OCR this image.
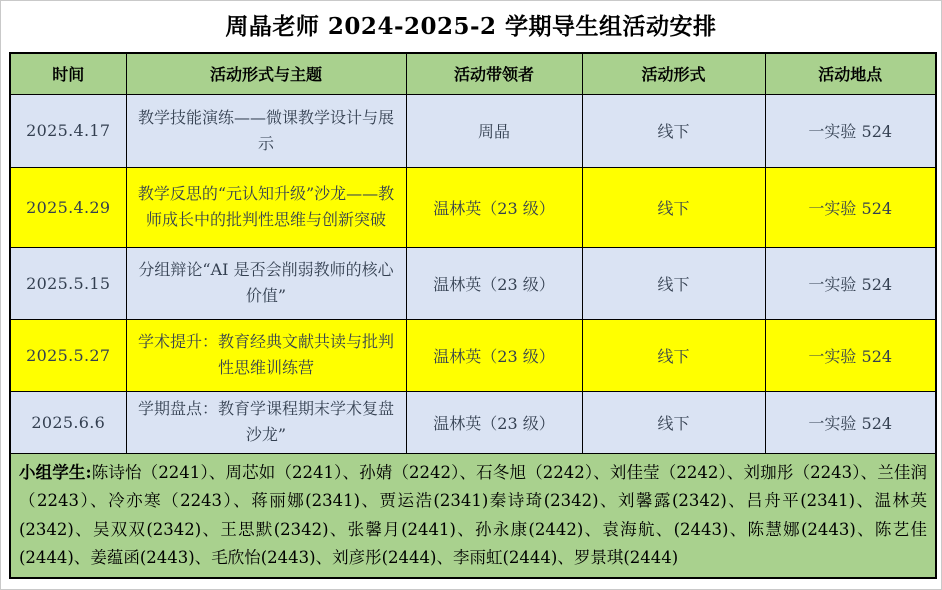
周晶老师 2024-2025-2 学期导生组活动安排
时间	活动形式与主题	活动带领者	活动形式	活动地点
2025.4.17	教学技能演练——微课教学设计与展示	周晶	线下	一实验 524
2025.4.29	教学反思的“元认知升级”沙龙——教师成长中的批判性思维与创新突破	温林英（23 级）	线下	一实验 524
2025.5.15	分组辩论“AI 是否会削弱教师的核心价值”	温林英（23 级）	线下	一实验 524
2025.5.27	学术提升：教育经典文献共读与批判性思维训练营	温林英（23 级）	线下	一实验 524
2025.6.6	学期盘点：教育学课程期末学术复盘沙龙”	温林英（23 级）	线下	一实验 524
小组学生:陈诗怡（2241）、周芯如（2241）、孙婧（2242）、石冬旭（2242）、刘佳莹（2242）、刘珈彤（2243）、兰佳润（2243）、冷亦寒（2243）、蒋丽娜(2341)、贾运浩(2341)秦诗琦(2342)、刘馨露(2342)、吕舟平(2341)、温林英(2342)、吴双双(2342)、王思默(2342)、张馨月(2441)、孙永康(2442)、袁海航、(2443)、陈慧娜(2443)、陈艺佳(2444)、姜蕴函(2443)、毛欣怡(2443)、刘彦彤(2444)、李雨虹(2444)、罗景琪(2444)				
